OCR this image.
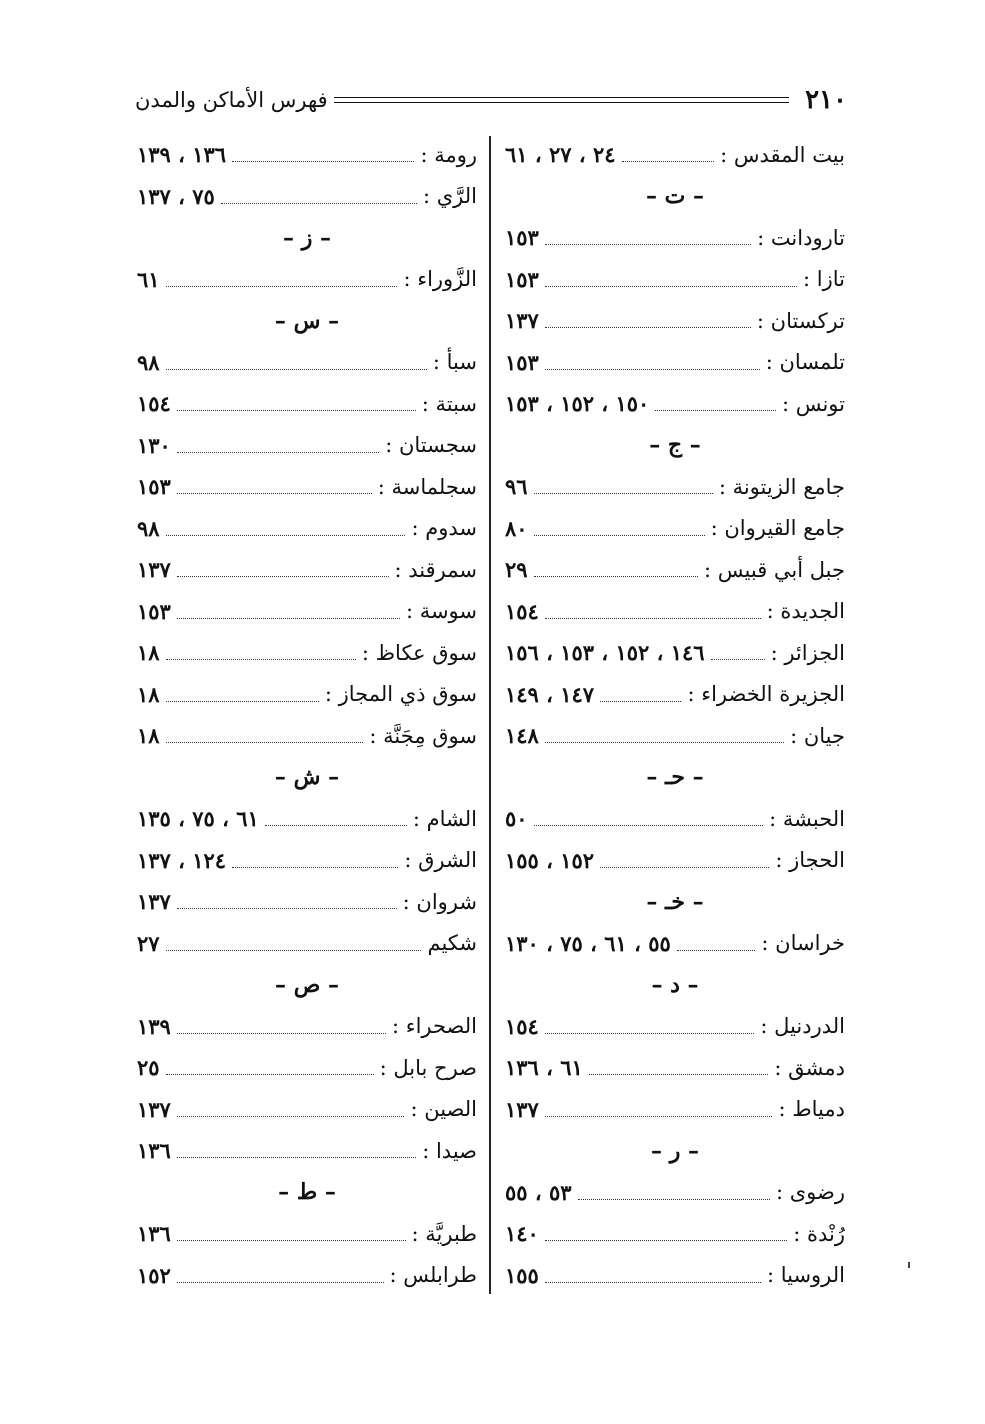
٢١٠
فهرس الأماكن والمدن
بيت المقدس :
٢٤ ، ٢٧ ، ٦١
– ت –
تارودانت :
١٥٣
تازا :
١٥٣
تركستان :
١٣٧
تلمسان :
١٥٣
تونس :
١٥٠ ، ١٥٢ ، ١٥٣
– ج –
جامع الزيتونة :
٩٦
جامع القيروان :
٨٠
جبل أبي قبيس :
٢٩
الجديدة :
١٥٤
الجزائر :
١٤٦ ، ١٥٢ ، ١٥٣ ، ١٥٦
الجزيرة الخضراء :
١٤٧ ، ١٤٩
جيان :
١٤٨
– حـ –
الحبشة :
٥٠
الحجاز :
١٥٢ ، ١٥٥
– خـ –
خراسان :
٥٥ ، ٦١ ، ٧٥ ، ١٣٠
– د –
الدردنيل :
١٥٤
دمشق :
٦١ ، ١٣٦
دمياط :
١٣٧
– ر –
رضوى :
٥٣ ، ٥٥
رُنْدة :
١٤٠
الروسيا :
١٥٥
رومة :
١٣٦ ، ١٣٩
الرَّي :
٧٥ ، ١٣٧
– ز –
الزَّوراء :
٦١
– س –
سبأ :
٩٨
سبتة :
١٥٤
سجستان :
١٣٠
سجلماسة :
١٥٣
سدوم :
٩٨
سمرقند :
١٣٧
سوسة :
١٥٣
سوق عكاظ :
١٨
سوق ذي المجاز :
١٨
سوق مِجَنَّة :
١٨
– ش –
الشام :
٦١ ، ٧٥ ، ١٣٥
الشرق :
١٢٤ ، ١٣٧
شروان :
١٣٧
شكيم
٢٧
– ص –
الصحراء :
١٣٩
صرح بابل :
٢٥
الصين :
١٣٧
صيدا :
١٣٦
– ط –
طبريَّة :
١٣٦
طرابلس :
١٥٢
